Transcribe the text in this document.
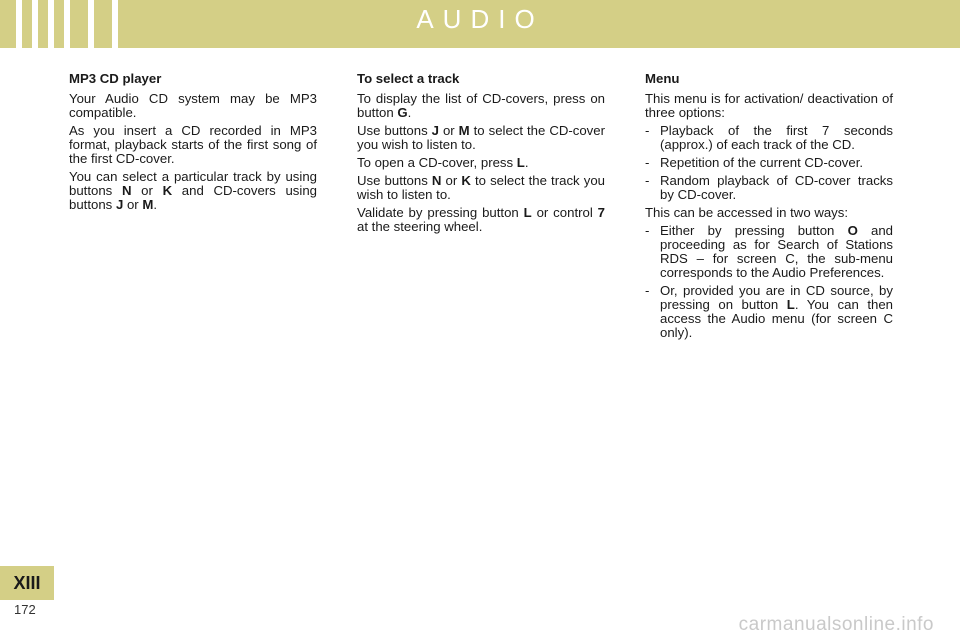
AUDIO

MP3 CD player

Your Audio CD system may be MP3 compatible.

As you insert a CD recorded in MP3 format, playback starts of the first song of the first CD-cover.

You can select a particular track by using buttons N or K and CD-covers using buttons J or M.

To select a track

To display the list of CD-covers, press on button G.

Use buttons J or M to select the CD-cover you wish to listen to.

To open a CD-cover, press L.

Use buttons N or K to select the track you wish to listen to.

Validate by pressing button L or control 7 at the steering wheel.

Menu

This menu is for activation/ deactivation of three options:

- Playback of the first 7 seconds (approx.) of each track of the CD.
- Repetition of the current CD-cover.
- Random playback of CD-cover tracks by CD-cover.

This can be accessed in two ways:

- Either by pressing button O and proceeding as for Search of Stations RDS – for screen C, the sub-menu corresponds to the Audio Preferences.
- Or, provided you are in CD source, by pressing on button L. You can then access the Audio menu (for screen C only).
XIII
172
carmanualsonline.info
